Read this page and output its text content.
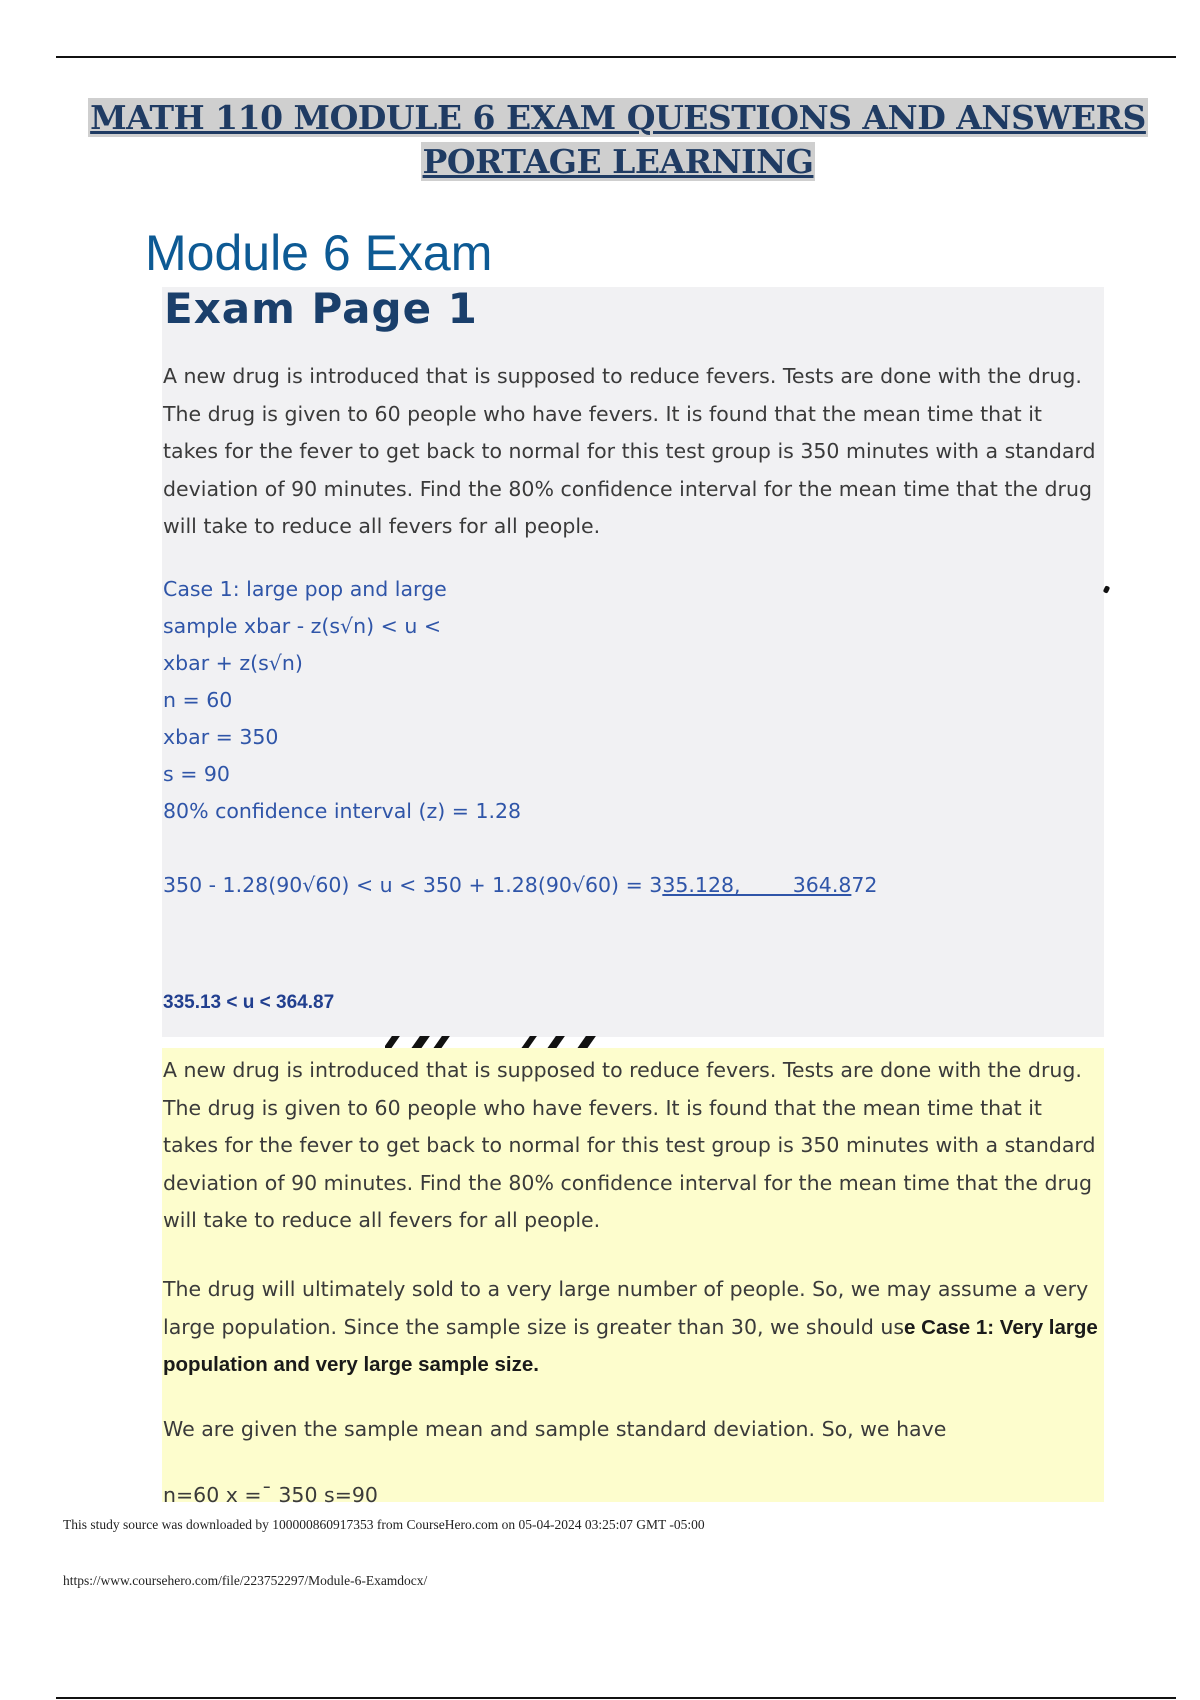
MATH 110 MODULE 6 EXAM QUESTIONS AND ANSWERS
PORTAGE LEARNING
Module 6 Exam
Exam Page 1

A new drug is introduced that is supposed to reduce fevers. Tests are done with the drug. The drug is given to 60 people who have fevers. It is found that the mean time that it takes for the fever to get back to normal for this test group is 350 minutes with a standard deviation of 90 minutes. Find the 80% confidence interval for the mean time that the drug will take to reduce all fevers for all people.

Case 1: large pop and large

sample xbar - z(s√n) < u <

xbar + z(s√n)

n = 60

xbar = 350

s = 90

80% confidence interval (z) = 1.28

350 - 1.28(90√60) < u < 350 + 1.28(90√60) = 335.128,        364.872

335.13 < u < 364.87

A new drug is introduced that is supposed to reduce fevers. Tests are done with the drug. The drug is given to 60 people who have fevers. It is found that the mean time that it takes for the fever to get back to normal for this test group is 350 minutes with a standard deviation of 90 minutes. Find the 80% confidence interval for the mean time that the drug will take to reduce all fevers for all people.

The drug will ultimately sold to a very large number of people. So, we may assume a very large population. Since the sample size is greater than 30, we should use Case 1: Very large population and very large sample size.

We are given the sample mean and sample standard deviation. So, we have

n=60 x =¯ 350 s=90

This study source was downloaded by 100000860917353 from CourseHero.com on 05-04-2024 03:25:07 GMT -05:00

https://www.coursehero.com/file/223752297/Module-6-Examdocx/
